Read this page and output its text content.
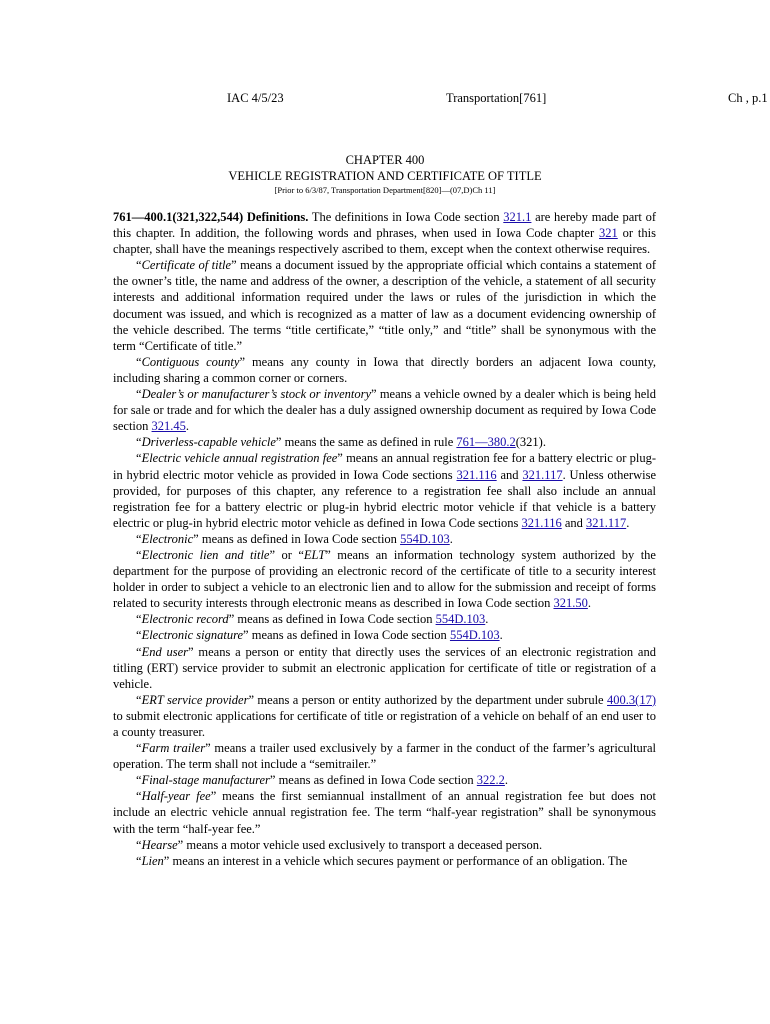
IAC 4/5/23	Transportation[761]	Ch , p.1
CHAPTER 400
VEHICLE REGISTRATION AND CERTIFICATE OF TITLE
[Prior to 6/3/87, Transportation Department[820]—(07,D)Ch 11]

761—400.1(321,322,544) Definitions. The definitions in Iowa Code section 321.1 are hereby made part of this chapter. In addition, the following words and phrases, when used in Iowa Code chapter 321 or this chapter, shall have the meanings respectively ascribed to them, except when the context otherwise requires.

“Certificate of title” means a document issued by the appropriate official which contains a statement of the owner’s title, the name and address of the owner, a description of the vehicle, a statement of all security interests and additional information required under the laws or rules of the jurisdiction in which the document was issued, and which is recognized as a matter of law as a document evidencing ownership of the vehicle described. The terms “title certificate,” “title only,” and “title” shall be synonymous with the term “Certificate of title.”

“Contiguous county” means any county in Iowa that directly borders an adjacent Iowa county, including sharing a common corner or corners.

“Dealer’s or manufacturer’s stock or inventory” means a vehicle owned by a dealer which is being held for sale or trade and for which the dealer has a duly assigned ownership document as required by Iowa Code section 321.45.

“Driverless-capable vehicle” means the same as defined in rule 761—380.2(321).

“Electric vehicle annual registration fee” means an annual registration fee for a battery electric or plug-in hybrid electric motor vehicle as provided in Iowa Code sections 321.116 and 321.117. Unless otherwise provided, for purposes of this chapter, any reference to a registration fee shall also include an annual registration fee for a battery electric or plug-in hybrid electric motor vehicle if that vehicle is a battery electric or plug-in hybrid electric motor vehicle as defined in Iowa Code sections 321.116 and 321.117.

“Electronic” means as defined in Iowa Code section 554D.103.

“Electronic lien and title” or “ELT” means an information technology system authorized by the department for the purpose of providing an electronic record of the certificate of title to a security interest holder in order to subject a vehicle to an electronic lien and to allow for the submission and receipt of forms related to security interests through electronic means as described in Iowa Code section 321.50.

“Electronic record” means as defined in Iowa Code section 554D.103.

“Electronic signature” means as defined in Iowa Code section 554D.103.

“End user” means a person or entity that directly uses the services of an electronic registration and titling (ERT) service provider to submit an electronic application for certificate of title or registration of a vehicle.

“ERT service provider” means a person or entity authorized by the department under subrule 400.3(17) to submit electronic applications for certificate of title or registration of a vehicle on behalf of an end user to a county treasurer.

“Farm trailer” means a trailer used exclusively by a farmer in the conduct of the farmer’s agricultural operation. The term shall not include a “semitrailer.”

“Final-stage manufacturer” means as defined in Iowa Code section 322.2.

“Half-year fee” means the first semiannual installment of an annual registration fee but does not include an electric vehicle annual registration fee. The term “half-year registration” shall be synonymous with the term “half-year fee.”

“Hearse” means a motor vehicle used exclusively to transport a deceased person.

“Lien” means an interest in a vehicle which secures payment or performance of an obligation. The
